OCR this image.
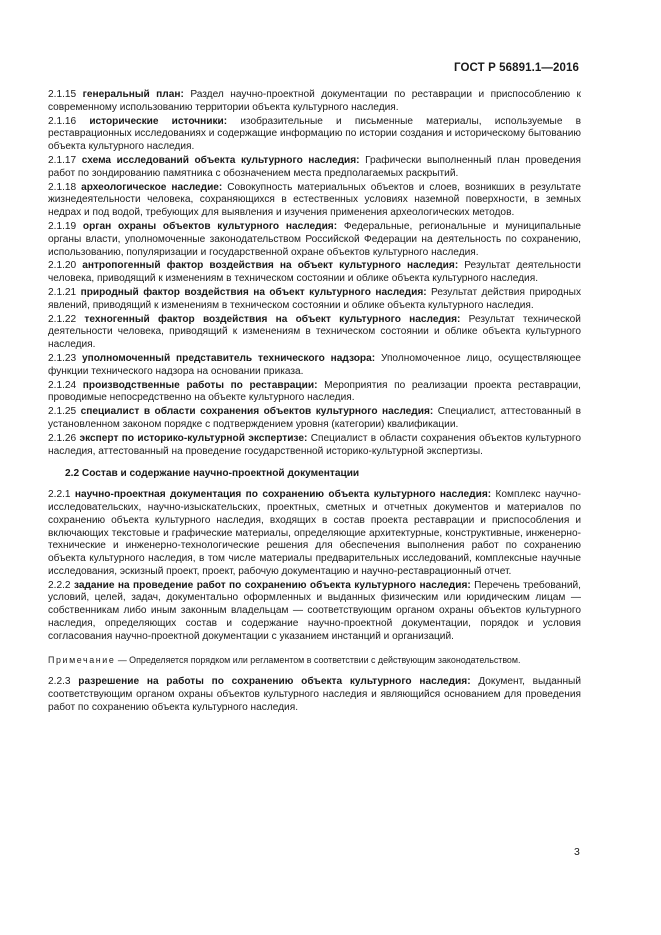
ГОСТ Р 56891.1—2016

2.1.15 генеральный план: Раздел научно-проектной документации по реставрации и приспособлению к современному использованию территории объекта культурного наследия.

2.1.16 исторические источники: изобразительные и письменные материалы, используемые в реставрационных исследованиях и содержащие информацию по истории создания и историческому бытованию объекта культурного наследия.

2.1.17 схема исследований объекта культурного наследия: Графически выполненный план проведения работ по зондированию памятника с обозначением места предполагаемых раскрытий.

2.1.18 археологическое наследие: Совокупность материальных объектов и слоев, возникших в результате жизнедеятельности человека, сохраняющихся в естественных условиях наземной поверхности, в земных недрах и под водой, требующих для выявления и изучения применения археологических методов.

2.1.19 орган охраны объектов культурного наследия: Федеральные, региональные и муниципальные органы власти, уполномоченные законодательством Российской Федерации на деятельность по сохранению, использованию, популяризации и государственной охране объектов культурного наследия.

2.1.20 антропогенный фактор воздействия на объект культурного наследия: Результат деятельности человека, приводящий к изменениям в техническом состоянии и облике объекта культурного наследия.

2.1.21 природный фактор воздействия на объект культурного наследия: Результат действия природных явлений, приводящий к изменениям в техническом состоянии и облике объекта культурного наследия.

2.1.22 техногенный фактор воздействия на объект культурного наследия: Результат технической деятельности человека, приводящий к изменениям в техническом состоянии и облике объекта культурного наследия.

2.1.23 уполномоченный представитель технического надзора: Уполномоченное лицо, осуществляющее функции технического надзора на основании приказа.

2.1.24 производственные работы по реставрации: Мероприятия по реализации проекта реставрации, проводимые непосредственно на объекте культурного наследия.

2.1.25 специалист в области сохранения объектов культурного наследия: Специалист, аттестованный в установленном законом порядке с подтверждением уровня (категории) квалификации.

2.1.26 эксперт по историко-культурной экспертизе: Специалист в области сохранения объектов культурного наследия, аттестованный на проведение государственной историко-культурной экспертизы.

2.2 Состав и содержание научно-проектной документации

2.2.1 научно-проектная документация по сохранению объекта культурного наследия: Комплекс научно-исследовательских, научно-изыскательских, проектных, сметных и отчетных документов и материалов по сохранению объекта культурного наследия, входящих в состав проекта реставрации и приспособления и включающих текстовые и графические материалы, определяющие архитектурные, конструктивные, инженерно-технические и инженерно-технологические решения для обеспечения выполнения работ по сохранению объекта культурного наследия, в том числе материалы предварительных исследований, комплексные научные исследования, эскизный проект, проект, рабочую документацию и научно-реставрационный отчет.

2.2.2 задание на проведение работ по сохранению объекта культурного наследия: Перечень требований, условий, целей, задач, документально оформленных и выданных физическим или юридическим лицам — собственникам либо иным законным владельцам — соответствующим органом охраны объектов культурного наследия, определяющих состав и содержание научно-проектной документации, порядок и условия согласования научно-проектной документации с указанием инстанций и организаций.

Примечание — Определяется порядком или регламентом в соответствии с действующим законодательством.

2.2.3 разрешение на работы по сохранению объекта культурного наследия: Документ, выданный соответствующим органом охраны объектов культурного наследия и являющийся основанием для проведения работ по сохранению объекта культурного наследия.

3
